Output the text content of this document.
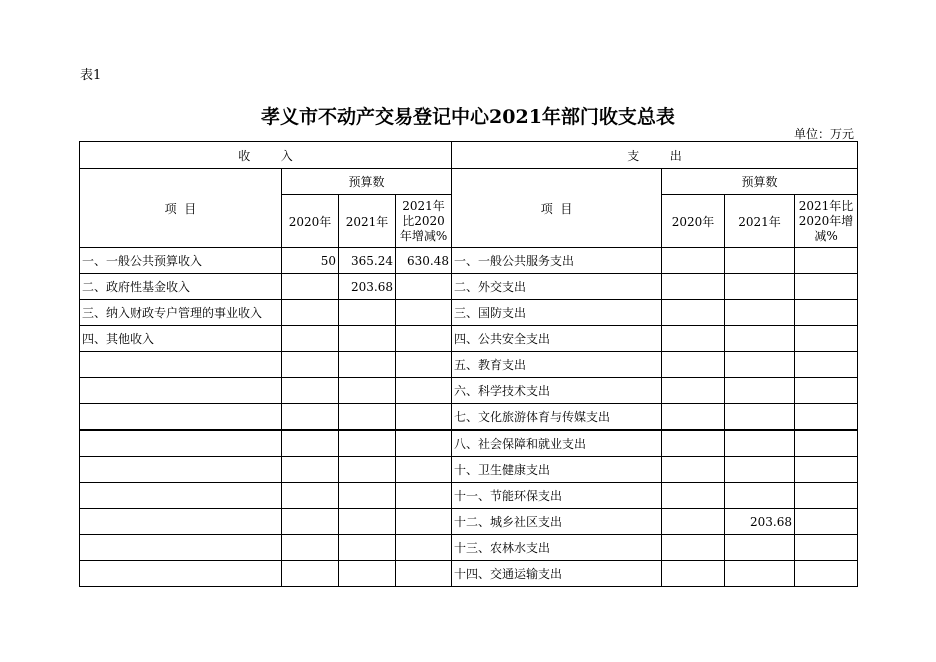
表1
孝义市不动产交易登记中心2021年部门收支总表
单位：万元
收        入				支        出			
项  目	预算数			项  目	预算数		
	2020年	2021年	2021年比2020年增减%		2020年	2021年	2021年比2020年增减%
一、一般公共预算收入	50	365.24	630.48	一、一般公共服务支出			
二、政府性基金收入		203.68		二、外交支出			
三、纳入财政专户管理的事业收入				三、国防支出			
四、其他收入				四、公共安全支出			
				五、教育支出			
				六、科学技术支出			
				七、文化旅游体育与传媒支出			
				八、社会保障和就业支出			
				十、卫生健康支出			
				十一、节能环保支出			
				十二、城乡社区支出		203.68	
				十三、农林水支出			
				十四、交通运输支出			
